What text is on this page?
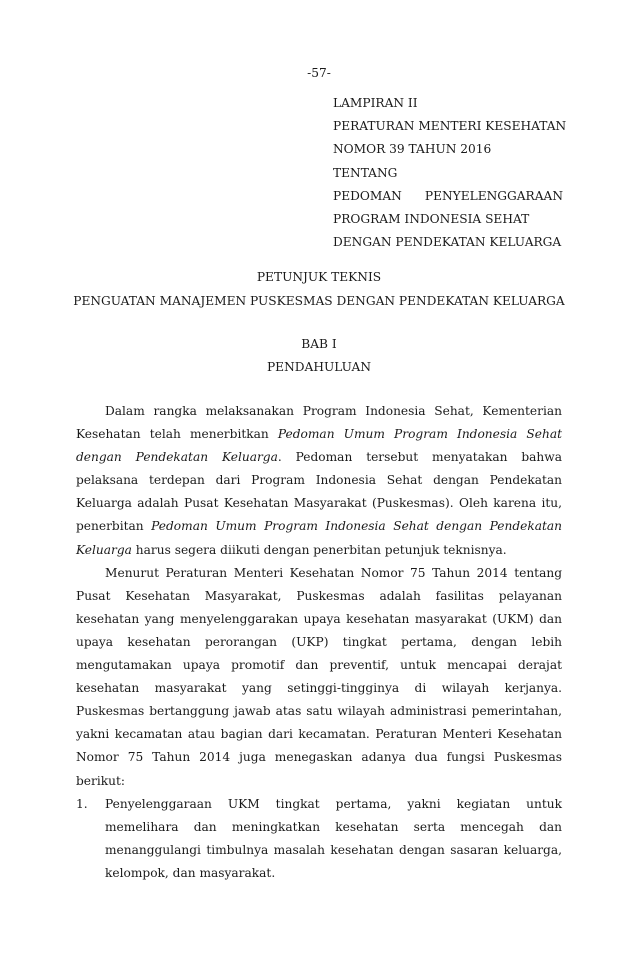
-57-
LAMPIRAN II
PERATURAN MENTERI KESEHATAN
NOMOR 39 TAHUN 2016
TENTANG
PEDOMAN PENYELENGGARAAN
PROGRAM INDONESIA SEHAT
DENGAN PENDEKATAN KELUARGA
PETUNJUK TEKNIS
PENGUATAN MANAJEMEN PUSKESMAS DENGAN PENDEKATAN KELUARGA
BAB I
PENDAHULUAN

Dalam rangka melaksanakan Program Indonesia Sehat, Kementerian Kesehatan telah menerbitkan Pedoman Umum Program Indonesia Sehat dengan Pendekatan Keluarga. Pedoman tersebut menyatakan bahwa pelaksana terdepan dari Program Indonesia Sehat dengan Pendekatan Keluarga adalah Pusat Kesehatan Masyarakat (Puskesmas). Oleh karena itu, penerbitan Pedoman Umum Program Indonesia Sehat dengan Pendekatan Keluarga harus segera diikuti dengan penerbitan petunjuk teknisnya.

Menurut Peraturan Menteri Kesehatan Nomor 75 Tahun 2014 tentang Pusat Kesehatan Masyarakat, Puskesmas adalah fasilitas pelayanan kesehatan yang menyelenggarakan upaya kesehatan masyarakat (UKM) dan upaya kesehatan perorangan (UKP) tingkat pertama, dengan lebih mengutamakan upaya promotif dan preventif, untuk mencapai derajat kesehatan masyarakat yang setinggi-tingginya di wilayah kerjanya. Puskesmas bertanggung jawab atas satu wilayah administrasi pemerintahan, yakni kecamatan atau bagian dari kecamatan. Peraturan Menteri Kesehatan Nomor 75 Tahun 2014 juga menegaskan adanya dua fungsi Puskesmas berikut:

1.	Penyelenggaraan UKM tingkat pertama, yakni kegiatan untuk memelihara dan meningkatkan kesehatan serta mencegah dan menanggulangi timbulnya masalah kesehatan dengan sasaran keluarga, kelompok, dan masyarakat.
